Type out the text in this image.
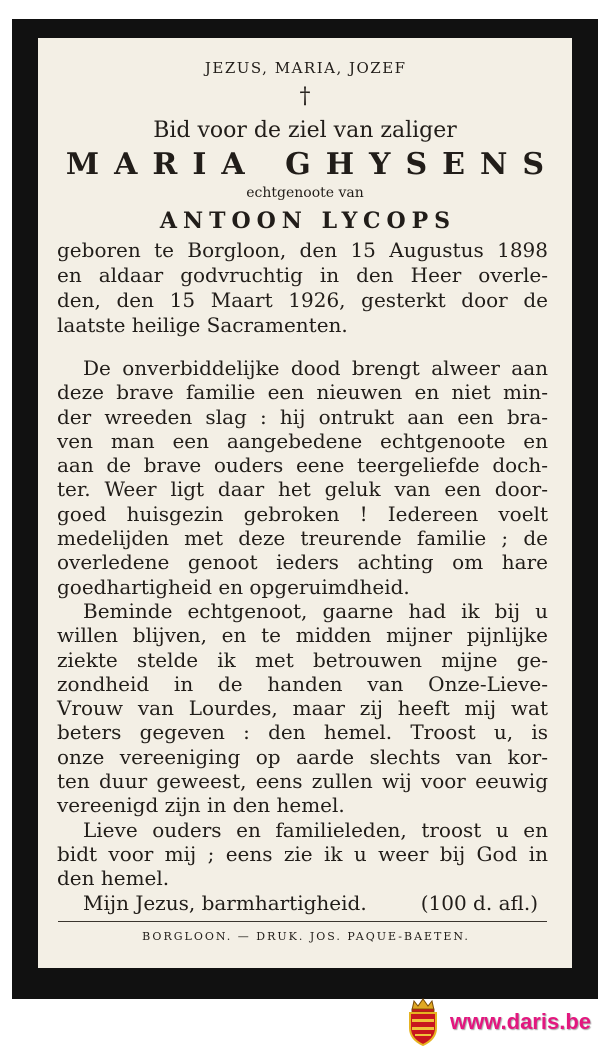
JEZUS, MARIA, JOZEF
†
Bid voor de ziel van zaliger
MARIA GHYSENS
echtgenoote van
ANTOON LYCOPS
geboren te Borgloon, den 15 Augustus 1898
en aldaar godvruchtig in den Heer overle-
den, den 15 Maart 1926, gesterkt door de
laatste heilige Sacramenten.
De onverbiddelijke dood brengt alweer aan
deze brave familie een nieuwen en niet min-
der wreeden slag : hij ontrukt aan een bra-
ven man een aangebedene echtgenoote en
aan de brave ouders eene teergeliefde doch-
ter. Weer ligt daar het geluk van een door-
goed huisgezin gebroken ! Iedereen voelt
medelijden met deze treurende familie ; de
overledene genoot ieders achting om hare
goedhartigheid en opgeruimdheid.
Beminde echtgenoot, gaarne had ik bij u
willen blijven, en te midden mijner pijnlijke
ziekte stelde ik met betrouwen mijne ge-
zondheid in de handen van Onze-Lieve-
Vrouw van Lourdes, maar zij heeft mij wat
beters gegeven : den hemel. Troost u, is
onze vereeniging op aarde slechts van kor-
ten duur geweest, eens zullen wij voor eeuwig
vereenigd zijn in den hemel.
Lieve ouders en familieleden, troost u en
bidt voor mij ; eens zie ik u weer bij God in
den hemel.
Mijn Jezus, barmhartigheid.	(100 d. afl.)
BORGLOON. — DRUK. JOS. PAQUE-BAETEN.
www.daris.be
